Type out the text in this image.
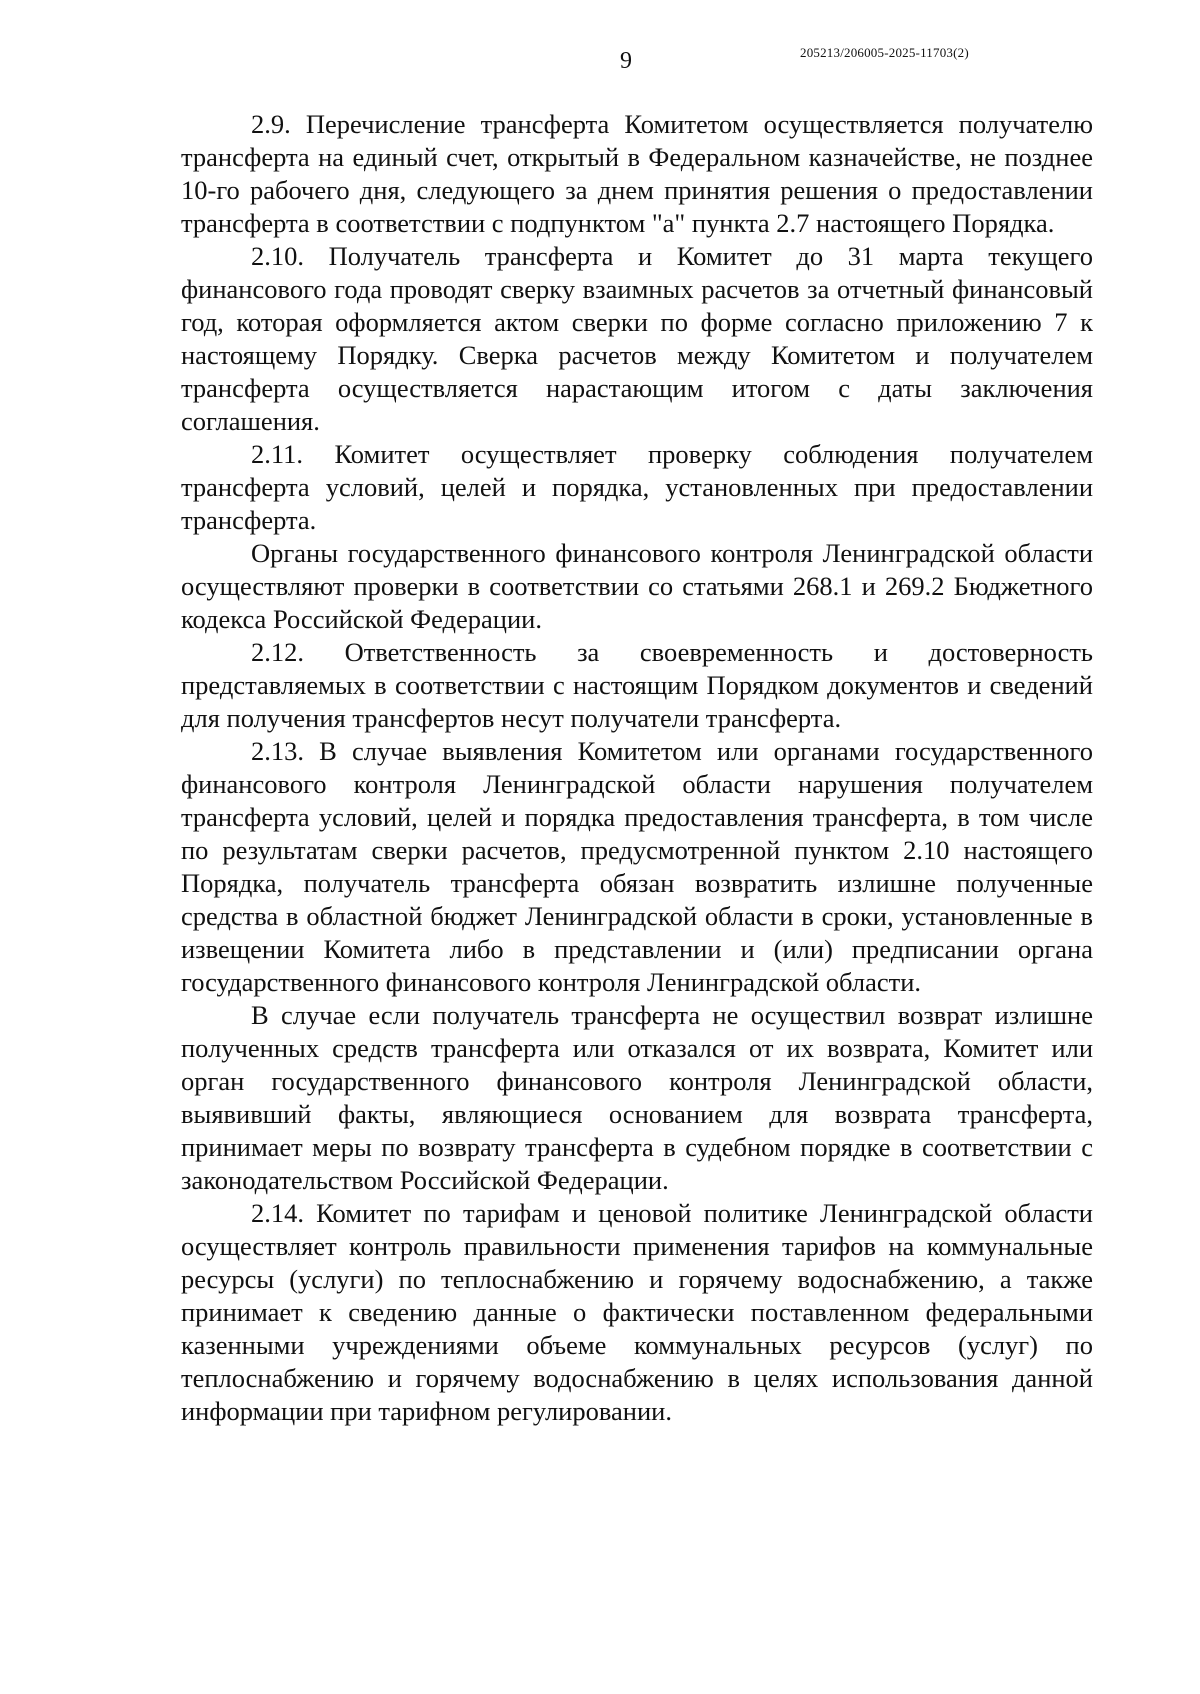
9	205213/206005-2025-11703(2)

2.9. Перечисление трансферта Комитетом осуществляется получателю трансферта на единый счет, открытый в Федеральном казначействе, не позднее 10-го рабочего дня, следующего за днем принятия решения о предоставлении трансферта в соответствии с подпунктом "а" пункта 2.7 настоящего Порядка.

2.10. Получатель трансферта и Комитет до 31 марта текущего финансового года проводят сверку взаимных расчетов за отчетный финансовый год, которая оформляется актом сверки по форме согласно приложению 7 к настоящему Порядку. Сверка расчетов между Комитетом и получателем трансферта осуществляется нарастающим итогом с даты заключения соглашения.

2.11. Комитет осуществляет проверку соблюдения получателем трансферта условий, целей и порядка, установленных при предоставлении трансферта.

Органы государственного финансового контроля Ленинградской области осуществляют проверки в соответствии со статьями 268.1 и 269.2 Бюджетного кодекса Российской Федерации.

2.12. Ответственность за своевременность и достоверность представляемых в соответствии с настоящим Порядком документов и сведений для получения трансфертов несут получатели трансферта.

2.13. В случае выявления Комитетом или органами государственного финансового контроля Ленинградской области нарушения получателем трансферта условий, целей и порядка предоставления трансферта, в том числе по результатам сверки расчетов, предусмотренной пунктом 2.10 настоящего Порядка, получатель трансферта обязан возвратить излишне полученные средства в областной бюджет Ленинградской области в сроки, установленные в извещении Комитета либо в представлении и (или) предписании органа государственного финансового контроля Ленинградской области.

В случае если получатель трансферта не осуществил возврат излишне полученных средств трансферта или отказался от их возврата, Комитет или орган государственного финансового контроля Ленинградской области, выявивший факты, являющиеся основанием для возврата трансферта, принимает меры по возврату трансферта в судебном порядке в соответствии с законодательством Российской Федерации.

2.14. Комитет по тарифам и ценовой политике Ленинградской области осуществляет контроль правильности применения тарифов на коммунальные ресурсы (услуги) по теплоснабжению и горячему водоснабжению, а также принимает к сведению данные о фактически поставленном федеральными казенными учреждениями объеме коммунальных ресурсов (услуг) по теплоснабжению и горячему водоснабжению в целях использования данной информации при тарифном регулировании.
